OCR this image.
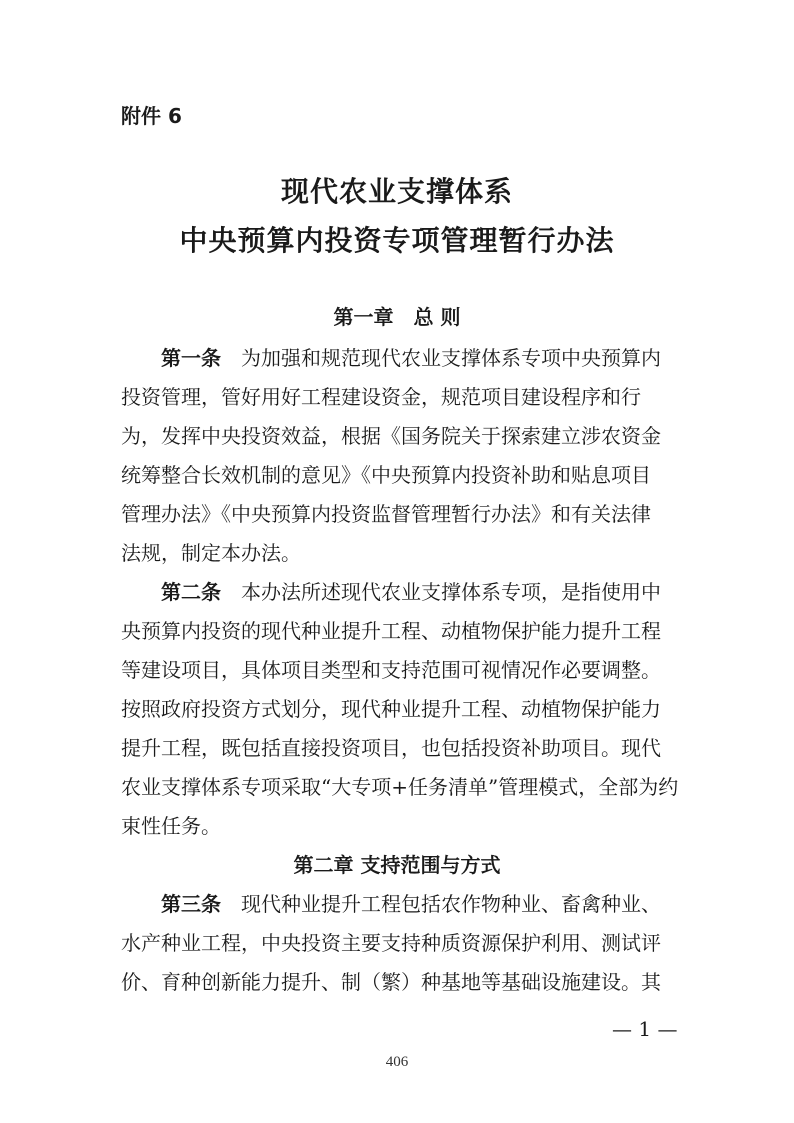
附件 6
现代农业支撑体系
中央预算内投资专项管理暂行办法
第一章　总 则
第一条　为加强和规范现代农业支撑体系专项中央预算内
投资管理，管好用好工程建设资金，规范项目建设程序和行
为，发挥中央投资效益，根据《国务院关于探索建立涉农资金
统筹整合长效机制的意见》《中央预算内投资补助和贴息项目
管理办法》《中央预算内投资监督管理暂行办法》和有关法律
法规，制定本办法。
第二条　本办法所述现代农业支撑体系专项，是指使用中
央预算内投资的现代种业提升工程、动植物保护能力提升工程
等建设项目，具体项目类型和支持范围可视情况作必要调整。
按照政府投资方式划分，现代种业提升工程、动植物保护能力
提升工程，既包括直接投资项目，也包括投资补助项目。现代
农业支撑体系专项采取“大专项+任务清单”管理模式，全部为约
束性任务。
第二章 支持范围与方式
第三条　现代种业提升工程包括农作物种业、畜禽种业、
水产种业工程，中央投资主要支持种质资源保护利用、测试评
价、育种创新能力提升、制（繁）种基地等基础设施建设。其
— 1 —
406
